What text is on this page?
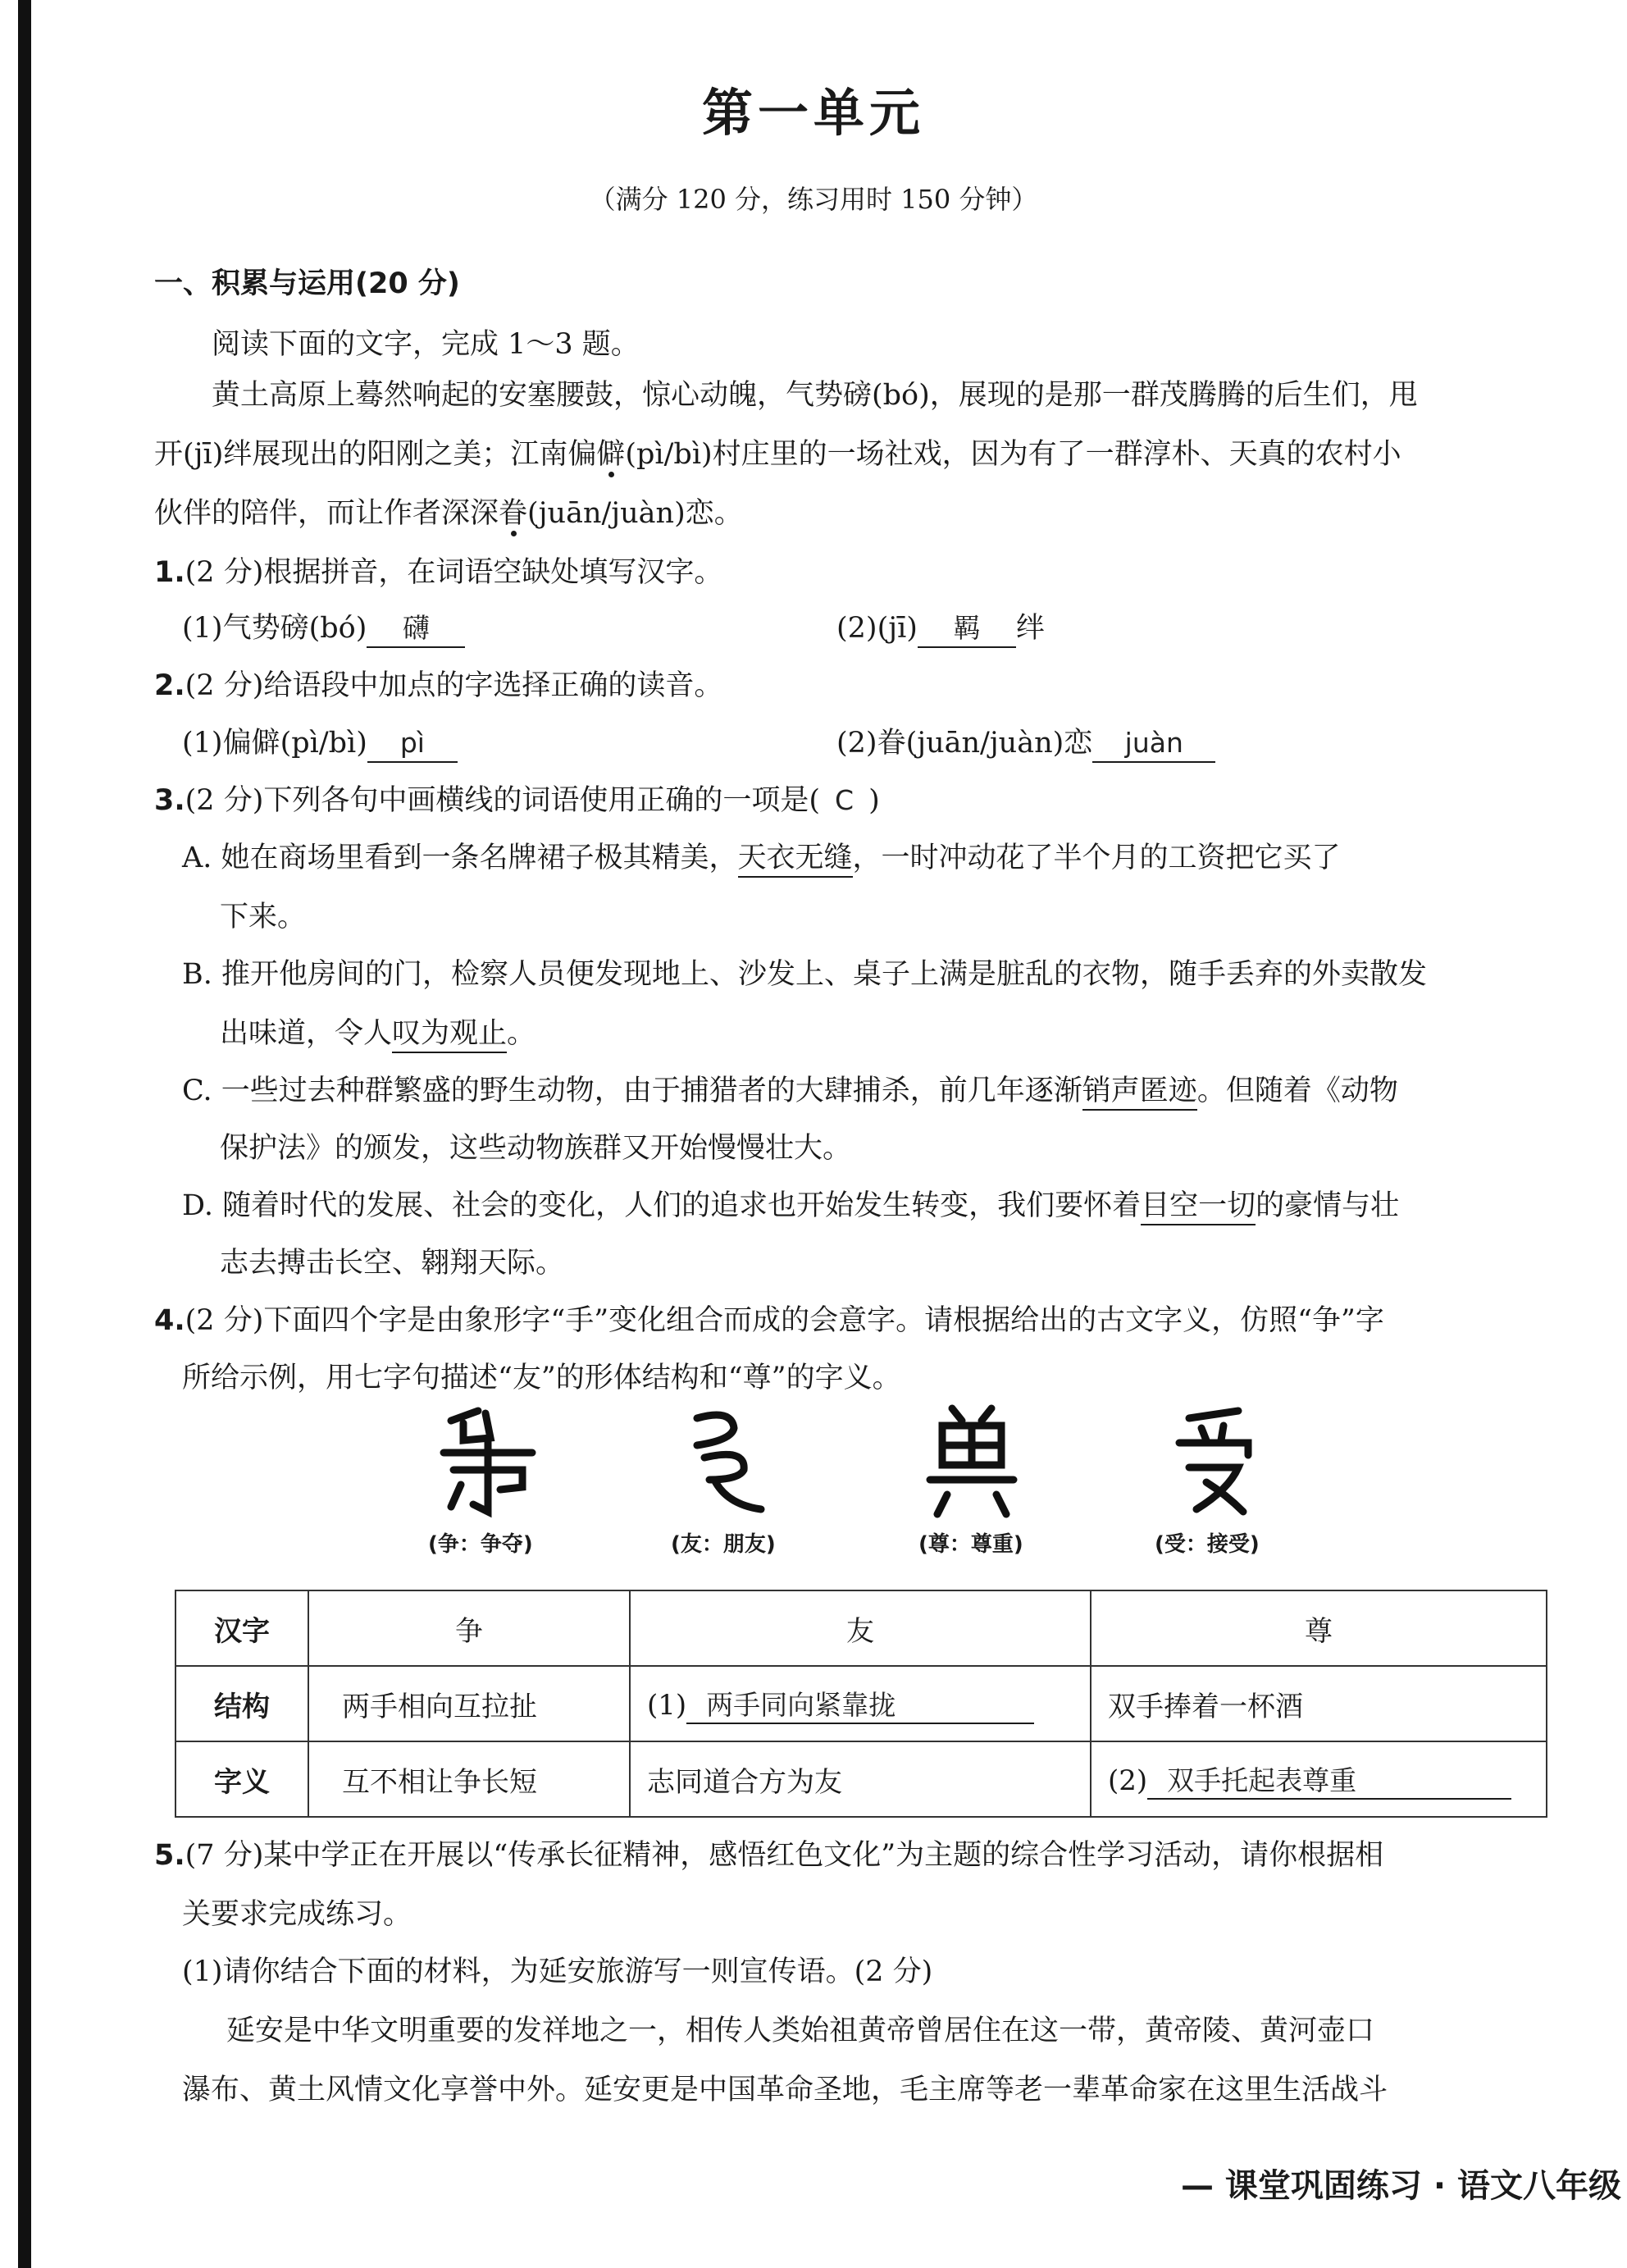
第一单元
（满分 120 分，练习用时 150 分钟）
一、积累与运用(20 分)
阅读下面的文字，完成 1～3 题。
黄土高原上蓦然响起的安塞腰鼓，惊心动魄，气势磅(bó)，展现的是那一群茂腾腾的后生们，甩
开(jī)绊展现出的阳刚之美；江南偏僻(pì/bì)村庄里的一场社戏，因为有了一群淳朴、天真的农村小
伙伴的陪伴，而让作者深深眷(juān/juàn)恋。
1.(2 分)根据拼音，在词语空缺处填写汉字。
(1)气势磅(bó) 礴	(2)(jī) 羁 绊
2.(2 分)给语段中加点的字选择正确的读音。
(1)偏僻(pì/bì) pì	(2)眷(juān/juàn)恋 juàn
3.(2 分)下列各句中画横线的词语使用正确的一项是( C )
A. 她在商场里看到一条名牌裙子极其精美，天衣无缝，一时冲动花了半个月的工资把它买了
下来。
B. 推开他房间的门，检察人员便发现地上、沙发上、桌子上满是脏乱的衣物，随手丢弃的外卖散发
出味道，令人叹为观止。
C. 一些过去种群繁盛的野生动物，由于捕猎者的大肆捕杀，前几年逐渐销声匿迹。但随着《动物
保护法》的颁发，这些动物族群又开始慢慢壮大。
D. 随着时代的发展、社会的变化，人们的追求也开始发生转变，我们要怀着目空一切的豪情与壮
志去搏击长空、翱翔天际。
4.(2 分)下面四个字是由象形字“手”变化组合而成的会意字。请根据给出的古文字义，仿照“争”字
所给示例，用七字句描述“友”的形体结构和“尊”的字义。
(争：争夺)	(友：朋友)	(尊：尊重)	(受：接受)
汉字	争	友	尊
结构	两手相向互拉扯	(1) 两手同向紧靠拢	双手捧着一杯酒
字义	互不相让争长短	志同道合方为友	(2) 双手托起表尊重
5.(7 分)某中学正在开展以“传承长征精神，感悟红色文化”为主题的综合性学习活动，请你根据相
关要求完成练习。
(1)请你结合下面的材料，为延安旅游写一则宣传语。(2 分)
延安是中华文明重要的发祥地之一，相传人类始祖黄帝曾居住在这一带，黄帝陵、黄河壶口
瀑布、黄土风情文化享誉中外。延安更是中国革命圣地，毛主席等老一辈革命家在这里生活战斗
— 课堂巩固练习 · 语文八年级
